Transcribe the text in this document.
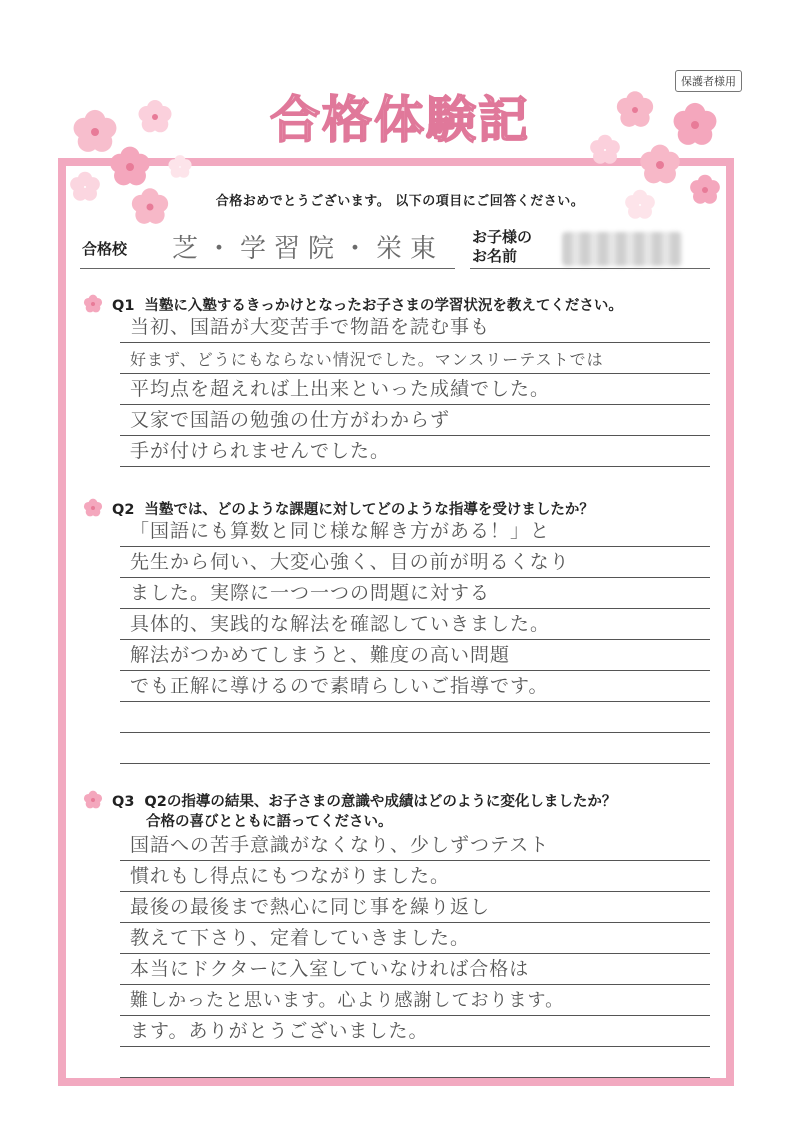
保護者様用
合格体験記
合格おめでとうございます。 以下の項目にご回答ください。
合格校 芝・学習院・栄東 お子様の
お名前
Q1 当塾に入塾するきっかけとなったお子さまの学習状況を教えてください。
当初、国語が大変苦手で物語を読む事も
好まず、どうにもならない情況でした。マンスリーテストでは
平均点を超えれば上出来といった成績でした。
又家で国語の勉強の仕方がわからず
手が付けられませんでした。
Q2 当塾では、どのような課題に対してどのような指導を受けましたか？
「国語にも算数と同じ様な解き方がある！」と
先生から伺い、大変心強く、目の前が明るくなり
ました。実際に一つ一つの問題に対する
具体的、実践的な解法を確認していきました。
解法がつかめてしまうと、難度の高い問題
でも正解に導けるので素晴らしいご指導です。
Q3 Q2の指導の結果、お子さまの意識や成績はどのように変化しましたか？
合格の喜びとともに語ってください。
国語への苦手意識がなくなり、少しずつテスト
慣れもし得点にもつながりました。
最後の最後まで熱心に同じ事を繰り返し
教えて下さり、定着していきました。
本当にドクターに入室していなければ合格は
難しかったと思います。心より感謝しております。
ます。ありがとうございました。
